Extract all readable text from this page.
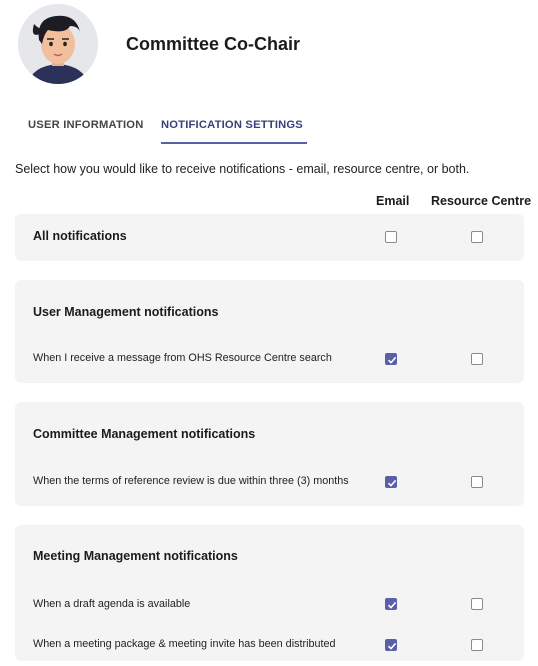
Committee Co-Chair
USER INFORMATION NOTIFICATION SETTINGS
Select how you would like to receive notifications - email, resource centre, or both.
Email Resource Centre
All notifications
User Management notifications
When I receive a message from OHS Resource Centre search
Committee Management notifications
When the terms of reference review is due within three (3) months
Meeting Management notifications
When a draft agenda is available
When a meeting package & meeting invite has been distributed
